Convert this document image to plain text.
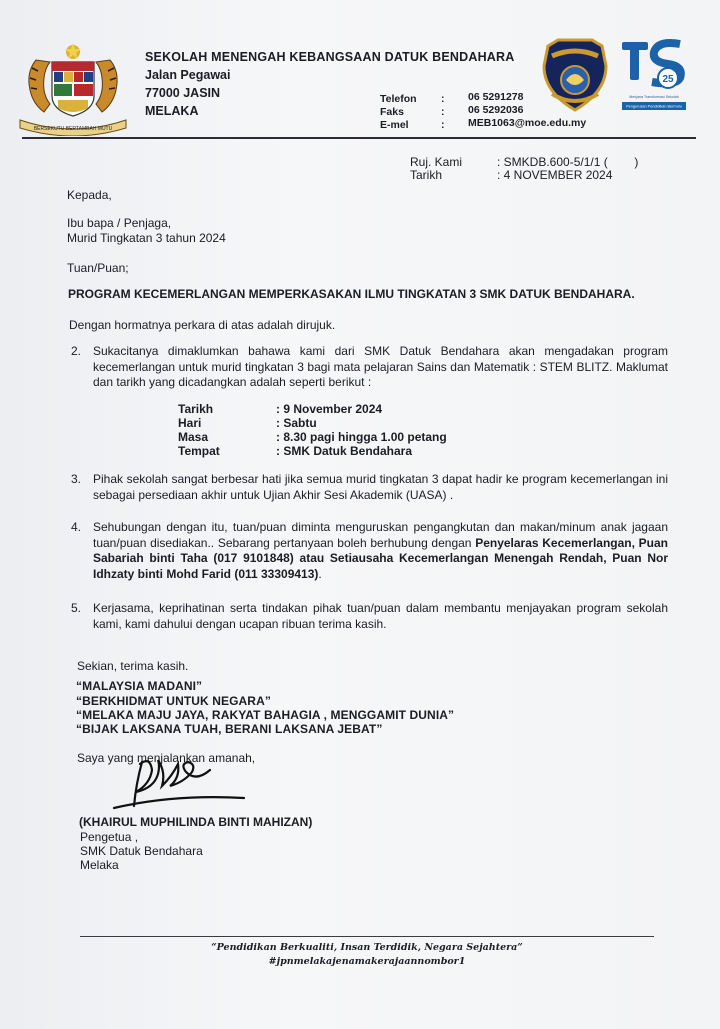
BERSEKUTU BERTAMBAH MUTU
SEKOLAH MENENGAH KEBANGSAAN DATUK BENDAHARA
Jalan Pegawai
77000 JASIN
MELAKA
Telefon : 06 5291278
Faks	: 06 5292036
E-mel	: MEB1063@moe.edu.my
JASIN
25
Menjana Transformasi Sekolah
Pengurusan Pendidikan Bermutu
Ruj. Kami	: SMKDB.600-5/1/1 (        )
Tarikh	: 4 NOVEMBER 2024
Kepada,
Ibu bapa / Penjaga,
Murid Tingkatan 3 tahun 2024
Tuan/Puan;
PROGRAM KECEMERLANGAN MEMPERKASAKAN ILMU TINGKATAN 3 SMK DATUK BENDAHARA.
Dengan hormatnya perkara di atas adalah dirujuk.
2. Sukacitanya dimaklumkan bahawa kami dari SMK Datuk Bendahara akan mengadakan program kecemerlangan untuk murid tingkatan 3 bagi mata pelajaran Sains dan Matematik : STEM BLITZ. Maklumat dan tarikh yang dicadangkan adalah seperti berikut :
Tarikh	: 9 November 2024
Hari	: Sabtu
Masa	: 8.30 pagi hingga 1.00 petang
Tempat	: SMK Datuk Bendahara
3. Pihak sekolah sangat berbesar hati jika semua murid tingkatan 3 dapat hadir ke program kecemerlangan ini sebagai persediaan akhir untuk Ujian Akhir Sesi Akademik (UASA) .
4. Sehubungan dengan itu, tuan/puan diminta menguruskan pengangkutan dan makan/minum anak jagaan tuan/puan disediakan.. Sebarang pertanyaan boleh berhubung dengan Penyelaras Kecemerlangan, Puan Sabariah binti Taha (017 9101848) atau Setiausaha Kecemerlangan Menengah Rendah, Puan Nor Idhzaty binti Mohd Farid (011 33309413).
5. Kerjasama, keprihatinan serta tindakan pihak tuan/puan dalam membantu menjayakan program sekolah kami, kami dahului dengan ucapan ribuan terima kasih.
Sekian, terima kasih.
“MALAYSIA MADANI”
“BERKHIDMAT UNTUK NEGARA”
“MELAKA MAJU JAYA, RAKYAT BAHAGIA , MENGGAMIT DUNIA”
“BIJAK LAKSANA TUAH, BERANI LAKSANA JEBAT”
Saya yang menjalankan amanah,
(KHAIRUL MUPHILINDA BINTI MAHIZAN)
Pengetua ,
SMK Datuk Bendahara
Melaka
“Pendidikan Berkualiti, Insan Terdidik, Negara Sejahtera”
#jpnmelakajenamakerajaannombor1
